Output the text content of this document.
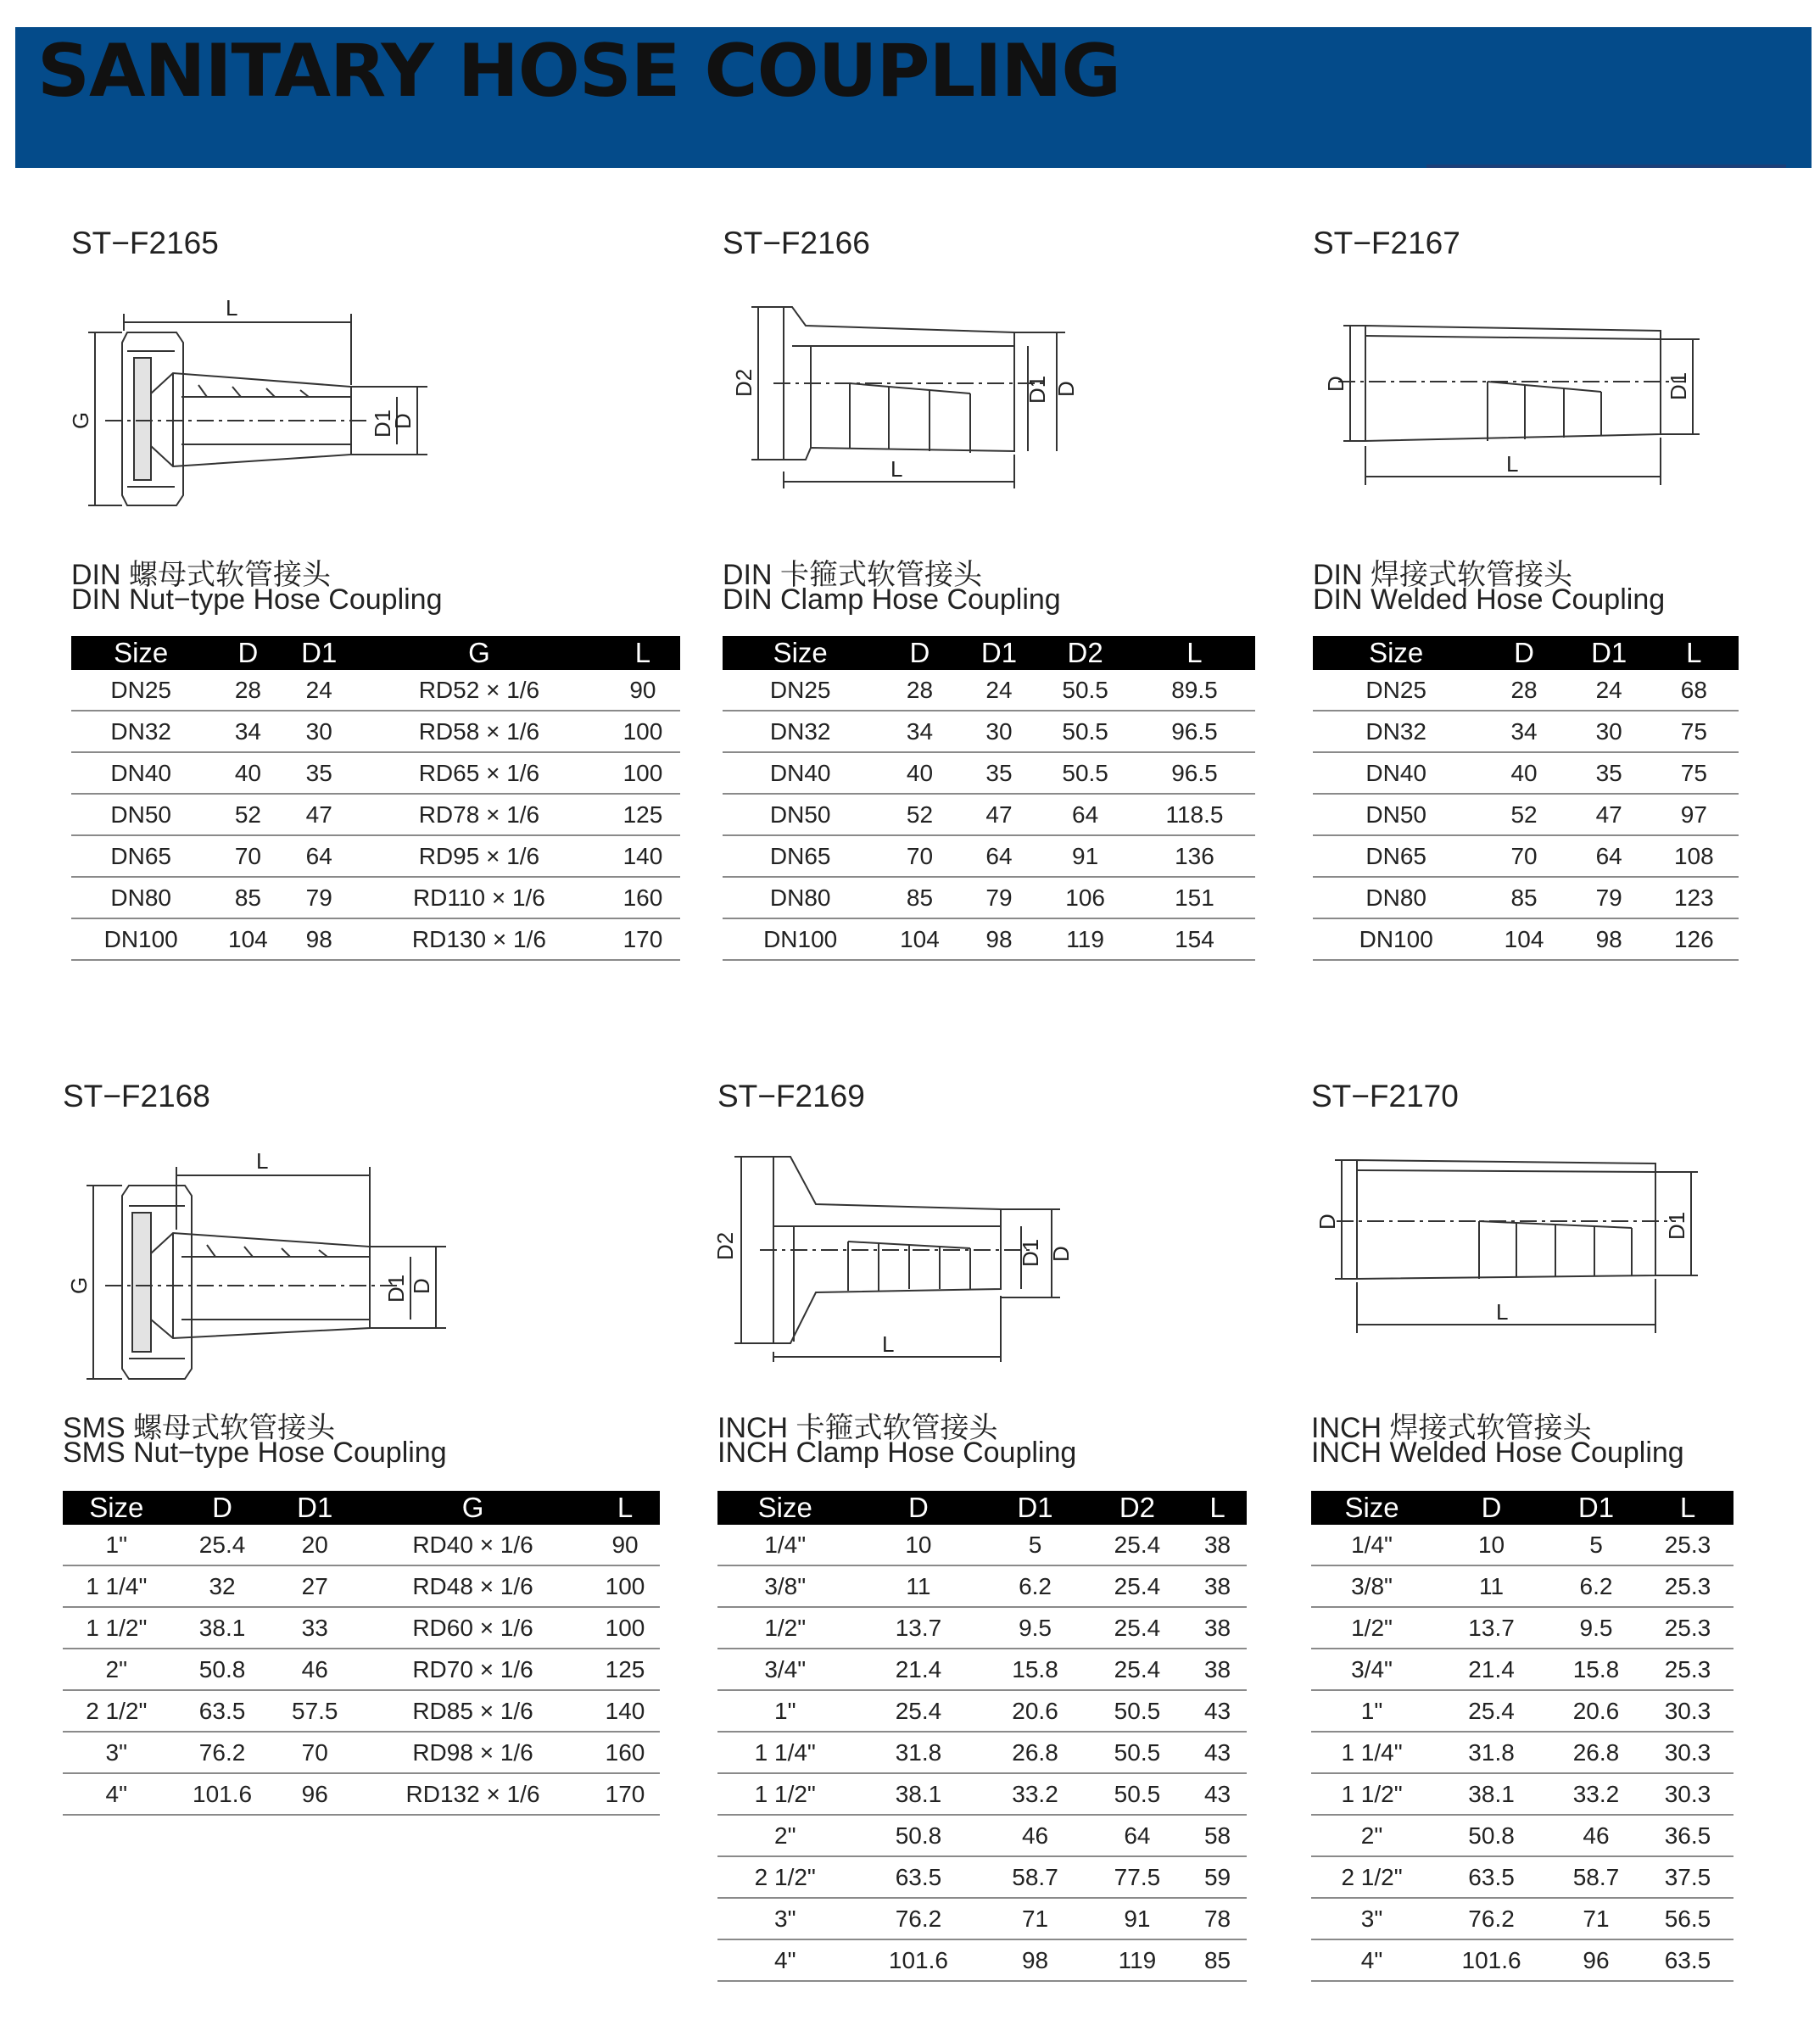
SANITARY HOSE COUPLING
ST−F2165
L
G	D1
D
DIN 螺母式软管接头
DIN Nut−type Hose Coupling
Size	D	D1	G	L
DN25	28	24	RD52 × 1/6	90
DN32	34	30	RD58 × 1/6	100
DN40	40	35	RD65 × 1/6	100
DN50	52	47	RD78 × 1/6	125
DN65	70	64	RD95 × 1/6	140
DN80	85	79	RD110 × 1/6	160
DN100	104	98	RD130 × 1/6	170
ST−F2166
L
D2	D1 D
DIN 卡箍式软管接头
DIN Clamp Hose Coupling
Size	D	D1	D2	L
DN25	28	24	50.5	89.5
DN32	34	30	50.5	96.5
DN40	40	35	50.5	96.5
DN50	52	47	64	118.5
DN65	70	64	91	136
DN80	85	79	106	151
DN100	104	98	119	154
ST−F2167
L
D	D1
DIN 焊接式软管接头
DIN Welded Hose Coupling
Size	D	D1	L
DN25	28	24	68
DN32	34	30	75
DN40	40	35	75
DN50	52	47	97
DN65	70	64	108
DN80	85	79	123
DN100	104	98	126
ST−F2168
L
G	D1 D
SMS 螺母式软管接头
SMS Nut−type Hose Coupling
Size	D	D1	G	L
1"	25.4	20	RD40 × 1/6	90
1 1/4"	32	27	RD48 × 1/6	100
1 1/2"	38.1	33	RD60 × 1/6	100
2"	50.8	46	RD70 × 1/6	125
2 1/2"	63.5	57.5	RD85 × 1/6	140
3"	76.2	70	RD98 × 1/6	160
4"	101.6	96	RD132 × 1/6	170
ST−F2169
L
D2	D1 D
INCH 卡箍式软管接头
INCH Clamp Hose Coupling
Size	D	D1	D2	L
1/4"	10	5	25.4	38
3/8"	11	6.2	25.4	38
1/2"	13.7	9.5	25.4	38
3/4"	21.4	15.8	25.4	38
1"	25.4	20.6	50.5	43
1 1/4"	31.8	26.8	50.5	43
1 1/2"	38.1	33.2	50.5	43
2"	50.8	46	64	58
2 1/2"	63.5	58.7	77.5	59
3"	76.2	71	91	78
4"	101.6	98	119	85
ST−F2170
L
D	D1
INCH 焊接式软管接头
INCH Welded Hose Coupling
Size	D	D1	L
1/4"	10	5	25.3
3/8"	11	6.2	25.3
1/2"	13.7	9.5	25.3
3/4"	21.4	15.8	25.3
1"	25.4	20.6	30.3
1 1/4"	31.8	26.8	30.3
1 1/2"	38.1	33.2	30.3
2"	50.8	46	36.5
2 1/2"	63.5	58.7	37.5
3"	76.2	71	56.5
4"	101.6	96	63.5
